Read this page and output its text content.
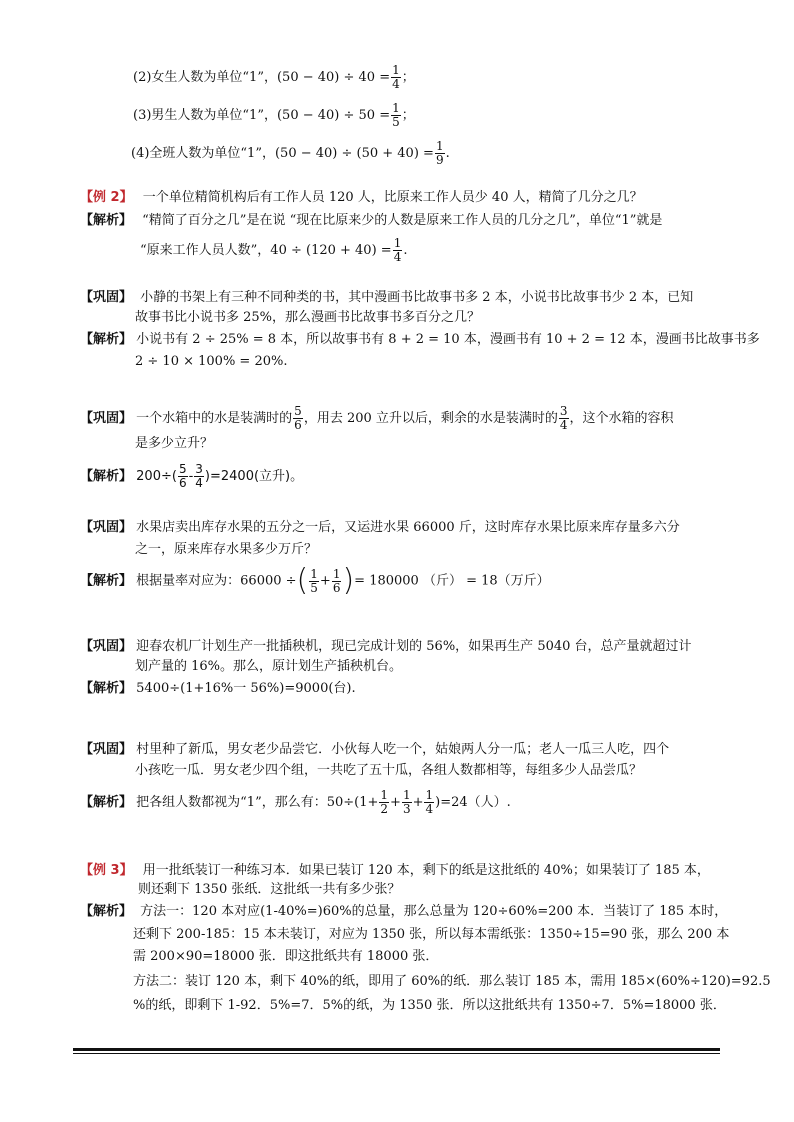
(2)女生人数为单位“1”，$(50 - 40) \div 40 = \frac{1}{4}$ ；
(3)男生人数为单位“1”，$(50 - 40) \div 50 = \frac{1}{5}$ ；
(4)全班人数为单位“1”，$(50 - 40) \div (50 + 40) = \frac{1}{9}$ .
【例 2】 一个单位精简机构后有工作人员 120 人，比原来工作人员少 40 人，精简了几分之几？
【解析】 “精简了百分之几”是在说 “现在比原来少的人数是原来工作人员的几分之几”，单位“1”就是
“原来工作人员人数”，$40 \div (120 + 40) = \frac{1}{4}$ .
【巩固】 小静的书架上有三种不同种类的书，其中漫画书比故事书多 2 本，小说书比故事书少 2 本，已知
故事书比小说书多 25%，那么漫画书比故事书多百分之几？
【解析】 小说书有 2 ÷ 25% = 8 本，所以故事书有 8 + 2 = 10 本，漫画书有 10 + 2 = 12 本，漫画书比故事书多
2 ÷ 10 × 100% = 20%.
【巩固】 一个水箱中的水是装满时的 $\frac{5}{6}$ ，用去 200 立升以后，剩余的水是装满时的 $\frac{3}{4}$ ，这个水箱的容积
是多少立升？
【解析】 $200\div( \frac{5}{6} - \frac{3}{4} )=2400$(立升)。
【巩固】 水果店卖出库存水果的五分之一后，又运进水果 66000 斤，这时库存水果比原来库存量多六分
之一，原来库存水果多少万斤？
【解析】 根据量率对应为：66000 ÷( $\frac{1}{5} + \frac{1}{6}$ )= 180000 （斤） = 18（万斤）
【巩固】 迎春农机厂计划生产一批插秧机，现已完成计划的 56%，如果再生产 5040 台，总产量就超过计
划产量的 16%。那么，原计划生产插秧机台。
【解析】 5400÷(1+16%一 56%)=9000(台).
【巩固】 村里种了新瓜，男女老少品尝它．小伙每人吃一个，姑娘两人分一瓜；老人一瓜三人吃，四个
小孩吃一瓜．男女老少四个组，一共吃了五十瓜，各组人数都相等，每组多少人品尝瓜？
【解析】 把各组人数都视为“1”，那么有：$50\div(1+ \frac{1}{2} + \frac{1}{3} + \frac{1}{4} )=24$（人）.
【例 3】 用一批纸装订一种练习本．如果已装订 120 本，剩下的纸是这批纸的 40%；如果装订了 185 本，
则还剩下 1350 张纸．这批纸一共有多少张？
【解析】 方法一：120 本对应(1-40%=)60%的总量，那么总量为 120÷60%=200 本．当装订了 185 本时，
还剩下 200-185：15 本未装订，对应为 1350 张，所以每本需纸张：1350÷15=90 张，那么 200 本
需 200×90=18000 张．即这批纸共有 18000 张．
方法二：装订 120 本，剩下 40%的纸，即用了 60%的纸．那么装订 185 本，需用 185×(60%÷120)=92.5
%的纸，即剩下 1-92．5%=7．5%的纸，为 1350 张．所以这批纸共有 1350÷7．5%=18000 张．
